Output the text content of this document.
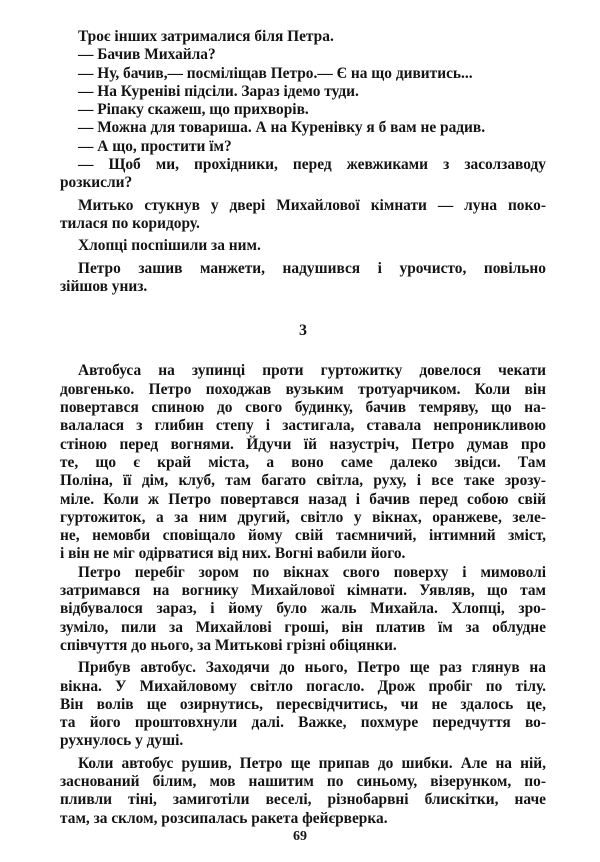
Троє інших затрималися біля Петра.
— Бачив Михайла?
— Ну, бачив,— посміліщав Петро.— Є на що дивитись...
— На Куреніві підсіли. Зараз ідемо туди.
— Ріпаку скажеш, що прихворів.
— Можна для товариша. А на Куренівку я б вам не радив.
— А що, простити їм?
— Щоб ми, прохідники, перед жевжиками з засолзаводу
розкисли?
Митько стукнув у двері Михайлової кімнати — луна поко-
тилася по коридору.
Хлопці поспішили за ним.
Петро зашив манжети, надушився і урочисто, повільно
зійшов униз.
3
Автобуса на зупинці проти гуртожитку довелося чекати
довгенько. Петро походжав вузьким тротуарчиком. Коли він
повертався спиною до свого будинку, бачив темряву, що на-
валалася з глибин степу і застигала, ставала непроникливою
стіною перед вогнями. Йдучи їй назустріч, Петро думав про
те, що є край міста, а воно саме далеко звідси. Там
Поліна, її дім, клуб, там багато світла, руху, і все таке зрозу-
міле. Коли ж Петро повертався назад і бачив перед собою свій
гуртожиток, а за ним другий, світло у вікнах, оранжеве, зеле-
не, немовби сповіщало йому свій таємничий, інтимний зміст,
і він не міг одірватися від них. Вогні вабили його.
Петро перебіг зором по вікнах свого поверху і мимоволі
затримався на вогнику Михайлової кімнати. Уявляв, що там
відбувалося зараз, і йому було жаль Михайла. Хлопці, зро-
зуміло, пили за Михайлові гроші, він платив їм за облудне
співчуття до нього, за Митькові грізні обіцянки.
Прибув автобус. Заходячи до нього, Петро ще раз глянув на
вікна. У Михайловому світло погасло. Дрож пробіг по тілу.
Він волів ще озирнутись, пересвідчитись, чи не здалось це,
та його проштовхнули далі. Важке, похмуре передчуття во-
рухнулось у душі.
Коли автобус рушив, Петро ще припав до шибки. Але на ній,
заснований білим, мов нашитим по синьому, візерунком, по-
пливли тіні, замиготіли веселі, різнобарвні блискітки, наче
там, за склом, розсипалась ракета фейєрверка.
69
